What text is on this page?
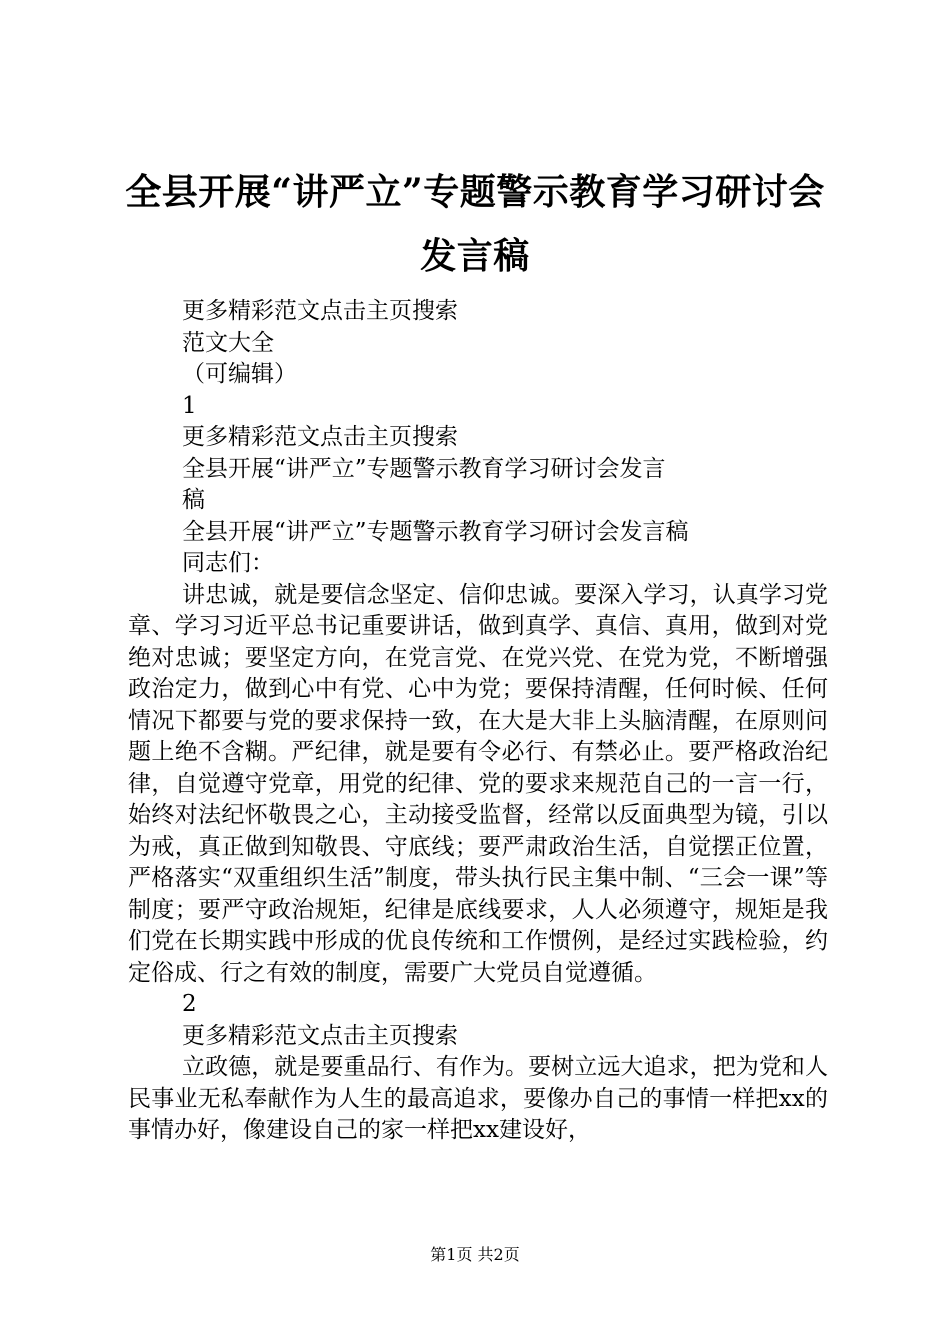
全县开展“讲严立”专题警示教育学习研讨会发言稿
更多精彩范文点击主页搜索
范文大全
（可编辑）
1
更多精彩范文点击主页搜索
全县开展“讲严立”专题警示教育学习研讨会发言
稿
全县开展“讲严立”专题警示教育学习研讨会发言稿
同志们：
讲忠诚，就是要信念坚定、信仰忠诚。要深入学习，认真学习党章、学习习近平总书记重要讲话，做到真学、真信、真用，做到对党绝对忠诚；要坚定方向，在党言党、在党兴党、在党为党，不断增强政治定力，做到心中有党、心中为党；要保持清醒，任何时候、任何情况下都要与党的要求保持一致，在大是大非上头脑清醒，在原则问题上绝不含糊。严纪律，就是要有令必行、有禁必止。要严格政治纪律，自觉遵守党章，用党的纪律、党的要求来规范自己的一言一行，始终对法纪怀敬畏之心，主动接受监督，经常以反面典型为镜，引以为戒，真正做到知敬畏、守底线；要严肃政治生活，自觉摆正位置，严格落实“双重组织生活”制度，带头执行民主集中制、“三会一课”等制度；要严守政治规矩，纪律是底线要求，人人必须遵守，规矩是我们党在长期实践中形成的优良传统和工作惯例，是经过实践检验，约定俗成、行之有效的制度，需要广大党员自觉遵循。
2
更多精彩范文点击主页搜索
立政德，就是要重品行、有作为。要树立远大追求，把为党和人民事业无私奉献作为人生的最高追求，要像办自己的事情一样把xx的事情办好，像建设自己的家一样把xx建设好，
第1页 共2页
